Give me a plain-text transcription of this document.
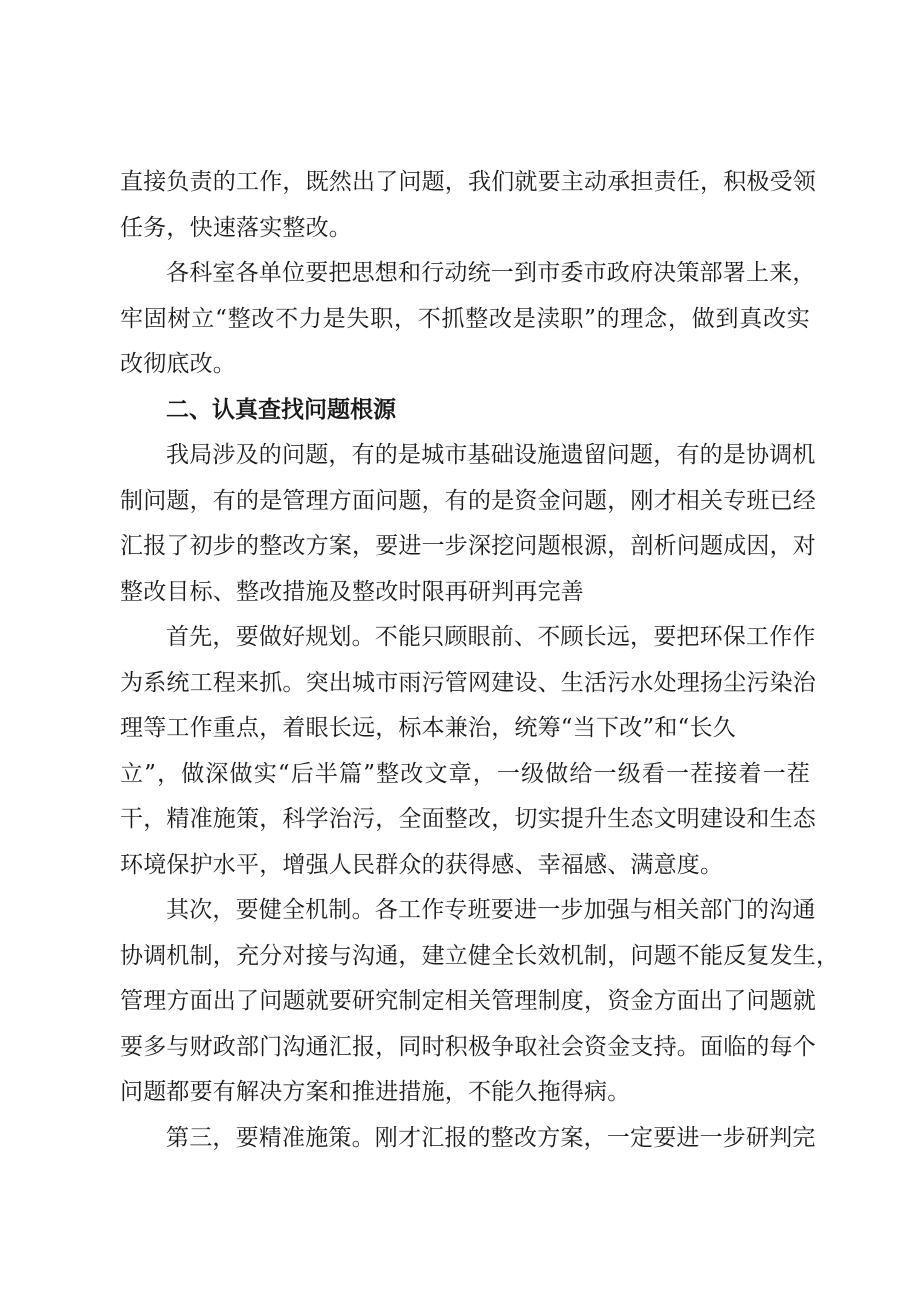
直接负责的工作，既然出了问题，我们就要主动承担责任，积极受领
任务，快速落实整改。
各科室各单位要把思想和行动统一到市委市政府决策部署上来，
牢固树立“整改不力是失职，不抓整改是渎职”的理念，做到真改实
改彻底改。
二、认真查找问题根源
我局涉及的问题，有的是城市基础设施遗留问题，有的是协调机
制问题，有的是管理方面问题，有的是资金问题，刚才相关专班已经
汇报了初步的整改方案，要进一步深挖问题根源，剖析问题成因，对
整改目标、整改措施及整改时限再研判再完善
首先，要做好规划。不能只顾眼前、不顾长远，要把环保工作作
为系统工程来抓。突出城市雨污管网建设、生活污水处理扬尘污染治
理等工作重点，着眼长远，标本兼治，统筹“当下改”和“长久
立”，做深做实“后半篇”整改文章，一级做给一级看一茬接着一茬
干，精准施策，科学治污，全面整改，切实提升生态文明建设和生态
环境保护水平，增强人民群众的获得感、幸福感、满意度。
其次，要健全机制。各工作专班要进一步加强与相关部门的沟通
协调机制，充分对接与沟通，建立健全长效机制，问题不能反复发生，
管理方面出了问题就要研究制定相关管理制度，资金方面出了问题就
要多与财政部门沟通汇报，同时积极争取社会资金支持。面临的每个
问题都要有解决方案和推进措施，不能久拖得病。
第三，要精准施策。刚才汇报的整改方案，一定要进一步研判完
